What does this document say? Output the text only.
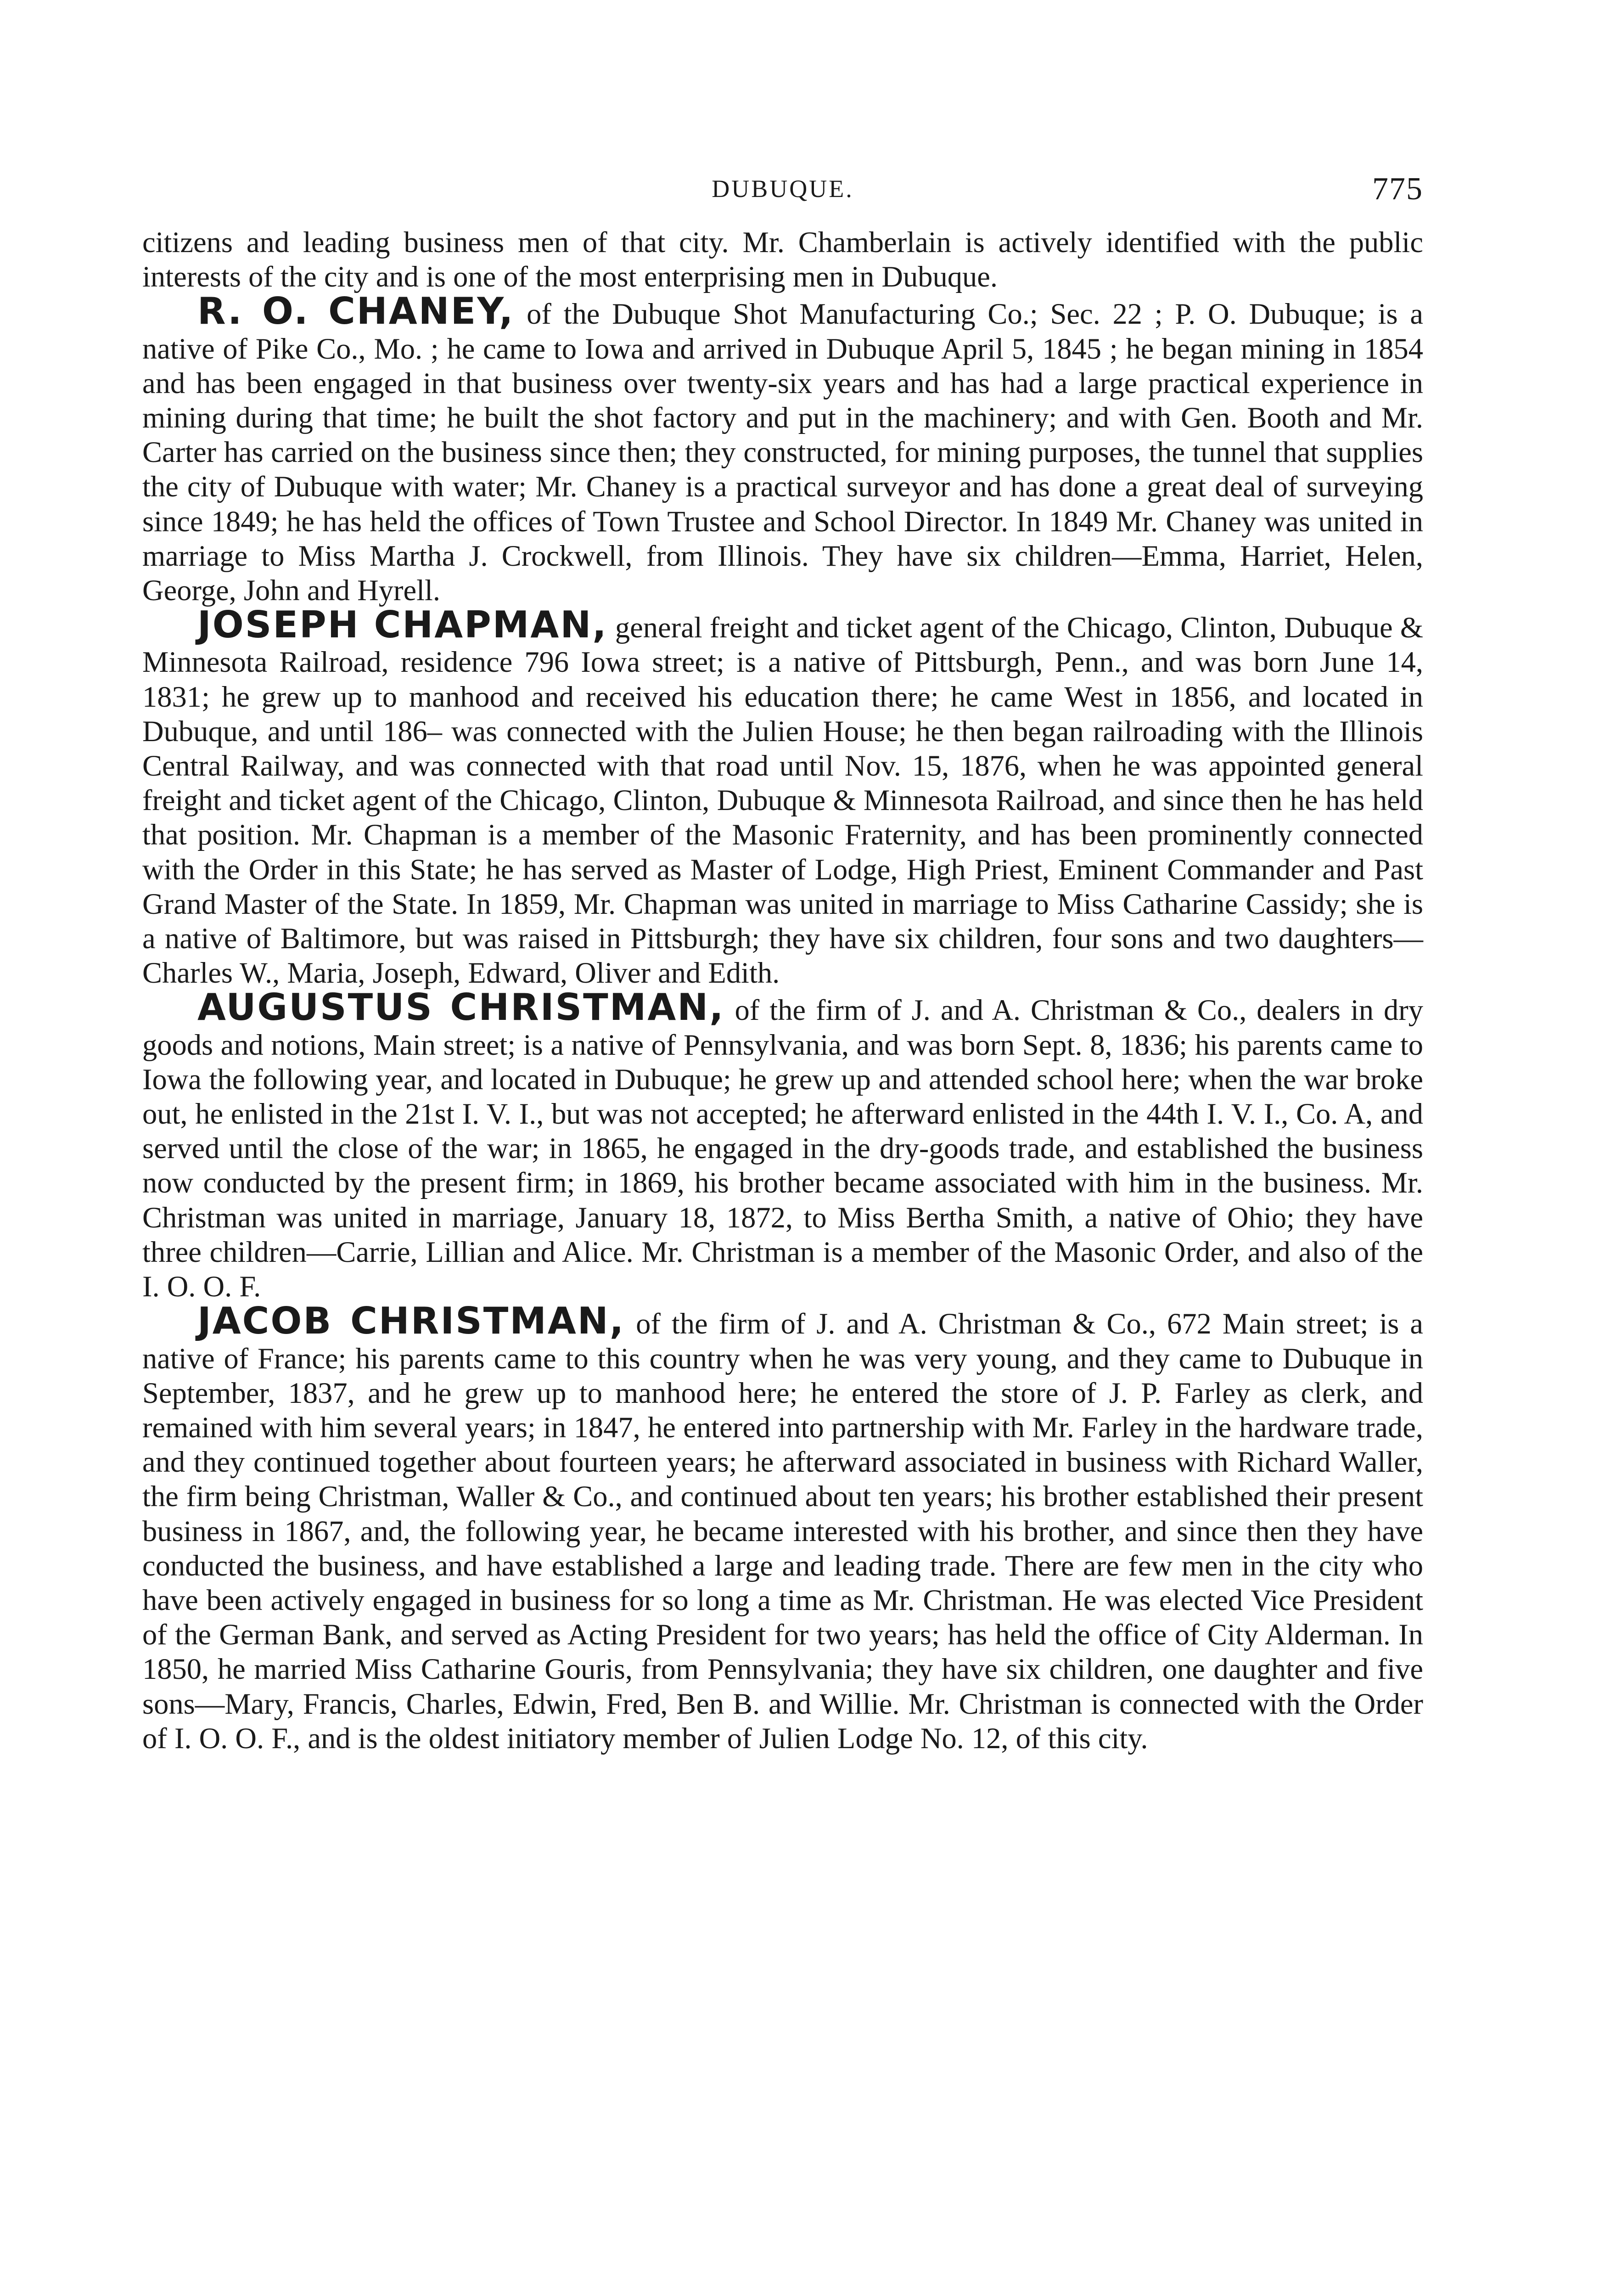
DUBUQUE.	775

citizens and leading business men of that city. Mr. Chamberlain is actively identified with the public interests of the city and is one of the most enterprising men in Dubuque.

R. O. CHANEY, of the Dubuque Shot Manufacturing Co.; Sec. 22 ; P. O. Dubuque; is a native of Pike Co., Mo. ; he came to Iowa and arrived in Dubuque April 5, 1845 ; he began mining in 1854 and has been engaged in that business over twenty-six years and has had a large practical experience in mining during that time; he built the shot factory and put in the machinery; and with Gen. Booth and Mr. Carter has carried on the business since then; they constructed, for mining purposes, the tunnel that supplies the city of Dubuque with water; Mr. Chaney is a practical surveyor and has done a great deal of surveying since 1849; he has held the offices of Town Trustee and School Director. In 1849 Mr. Chaney was united in marriage to Miss Martha J. Crockwell, from Illinois. They have six children—Emma, Harriet, Helen, George, John and Hyrell.

JOSEPH CHAPMAN, general freight and ticket agent of the Chicago, Clinton, Dubuque & Minnesota Railroad, residence 796 Iowa street; is a native of Pittsburgh, Penn., and was born June 14, 1831; he grew up to manhood and received his education there; he came West in 1856, and located in Dubuque, and until 186– was connected with the Julien House; he then began railroading with the Illinois Central Railway, and was connected with that road until Nov. 15, 1876, when he was appointed general freight and ticket agent of the Chicago, Clinton, Dubuque & Minnesota Railroad, and since then he has held that position. Mr. Chapman is a member of the Masonic Fraternity, and has been prominently connected with the Order in this State; he has served as Master of Lodge, High Priest, Eminent Commander and Past Grand Master of the State. In 1859, Mr. Chapman was united in marriage to Miss Catharine Cassidy; she is a native of Baltimore, but was raised in Pittsburgh; they have six children, four sons and two daughters—Charles W., Maria, Joseph, Edward, Oliver and Edith.

AUGUSTUS CHRISTMAN, of the firm of J. and A. Christman & Co., dealers in dry goods and notions, Main street; is a native of Pennsylvania, and was born Sept. 8, 1836; his parents came to Iowa the following year, and located in Dubuque; he grew up and attended school here; when the war broke out, he enlisted in the 21st I. V. I., but was not accepted; he afterward enlisted in the 44th I. V. I., Co. A, and served until the close of the war; in 1865, he engaged in the dry-goods trade, and established the business now conducted by the present firm; in 1869, his brother became associated with him in the business. Mr. Christman was united in marriage, January 18, 1872, to Miss Bertha Smith, a native of Ohio; they have three children—Carrie, Lillian and Alice. Mr. Christman is a member of the Masonic Order, and also of the I. O. O. F.

JACOB CHRISTMAN, of the firm of J. and A. Christman & Co., 672 Main street; is a native of France; his parents came to this country when he was very young, and they came to Dubuque in September, 1837, and he grew up to manhood here; he entered the store of J. P. Farley as clerk, and remained with him several years; in 1847, he entered into partnership with Mr. Farley in the hardware trade, and they continued together about fourteen years; he afterward associated in business with Richard Waller, the firm being Christman, Waller & Co., and continued about ten years; his brother established their present business in 1867, and, the following year, he became interested with his brother, and since then they have conducted the business, and have established a large and leading trade. There are few men in the city who have been actively engaged in business for so long a time as Mr. Christman. He was elected Vice President of the German Bank, and served as Acting President for two years; has held the office of City Alderman. In 1850, he married Miss Catharine Gouris, from Pennsylvania; they have six children, one daughter and five sons—Mary, Francis, Charles, Edwin, Fred, Ben B. and Willie. Mr. Christman is connected with the Order of I. O. O. F., and is the oldest initiatory member of Julien Lodge No. 12, of this city.
